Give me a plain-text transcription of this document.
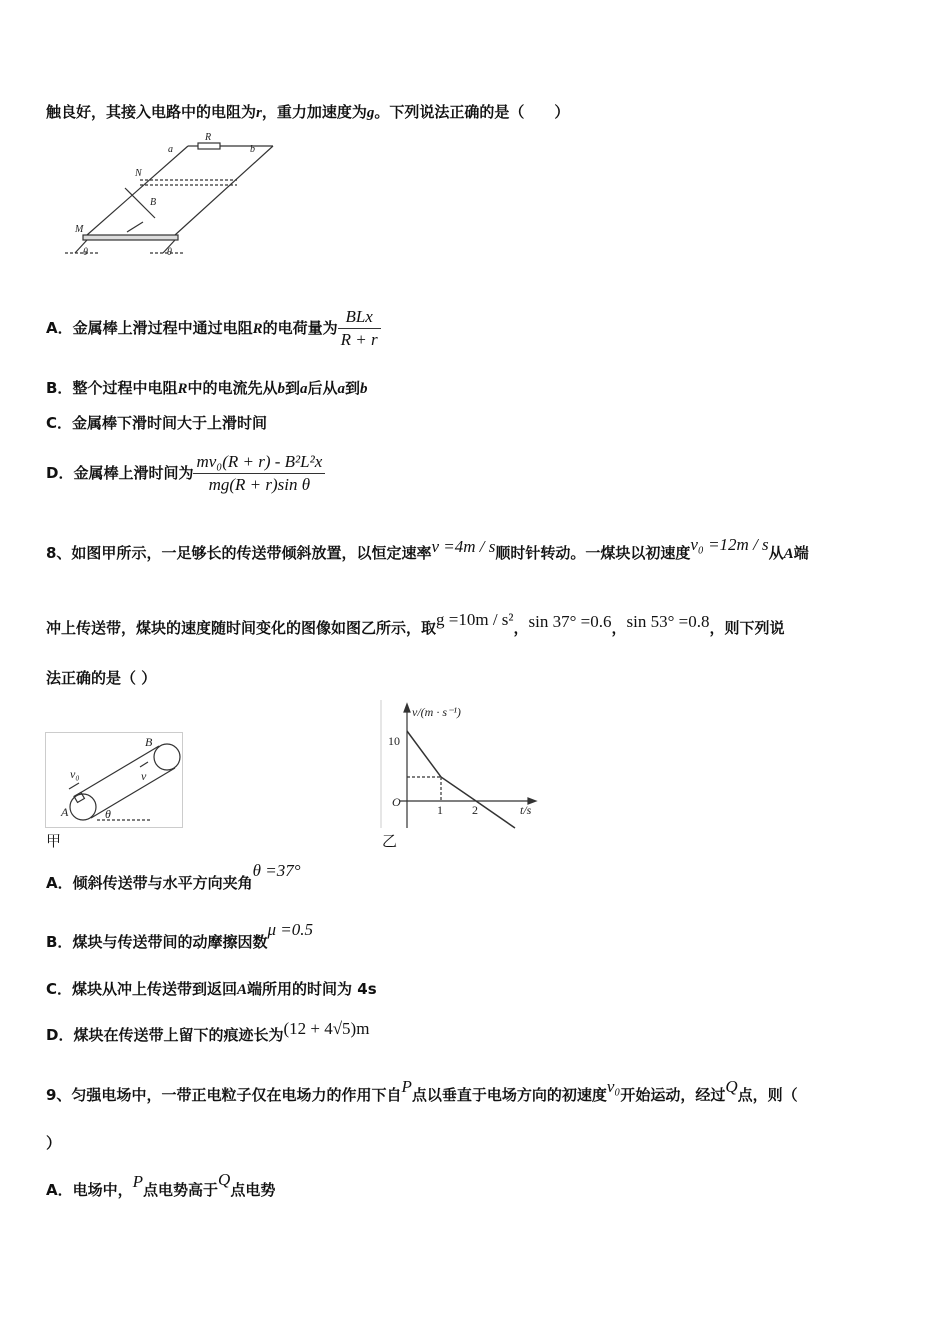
触良好，其接入电路中的电阻为r，重力加速度为g。下列说法正确的是（　　）
a
R
b
N
B
M
θ	θ
A．金属棒上滑过程中通过电阻R的电荷量为 $\frac{\text{BLx}}{R + r}$
B．整个过程中电阻R中的电流先从b到a后从a到b
C．金属棒下滑时间大于上滑时间
D．金属棒上滑时间为 $\frac{\text{mv₀(R + r) - B²L²x}}{\text{mg(R + r)sin θ}}$
8、如图甲所示，一足够长的传送带倾斜放置，以恒定速率v =4m / s顺时针转动。一煤块以初速度v₀ =12m / s从A端
冲上传送带，煤块的速度随时间变化的图像如图乙所示，取g =10m / s²，sin 37° =0.6，sin 53° =0.8，则下列说
法正确的是（ ）
B
v₀	v
A	θ
甲
v/(m · s⁻¹)
10
O
1 2	t/s
乙
A．倾斜传送带与水平方向夹角θ =37°
B．煤块与传送带间的动摩擦因数μ =0.5
C．煤块从冲上传送带到返回A端所用的时间为 4s
D．煤块在传送带上留下的痕迹长为(12 + 4√5)m
9、匀强电场中，一带正电粒子仅在电场力的作用下自P点以垂直于电场方向的初速度v₀开始运动，经过Q点，则（
）
A．电场中，P点电势高于Q点电势
